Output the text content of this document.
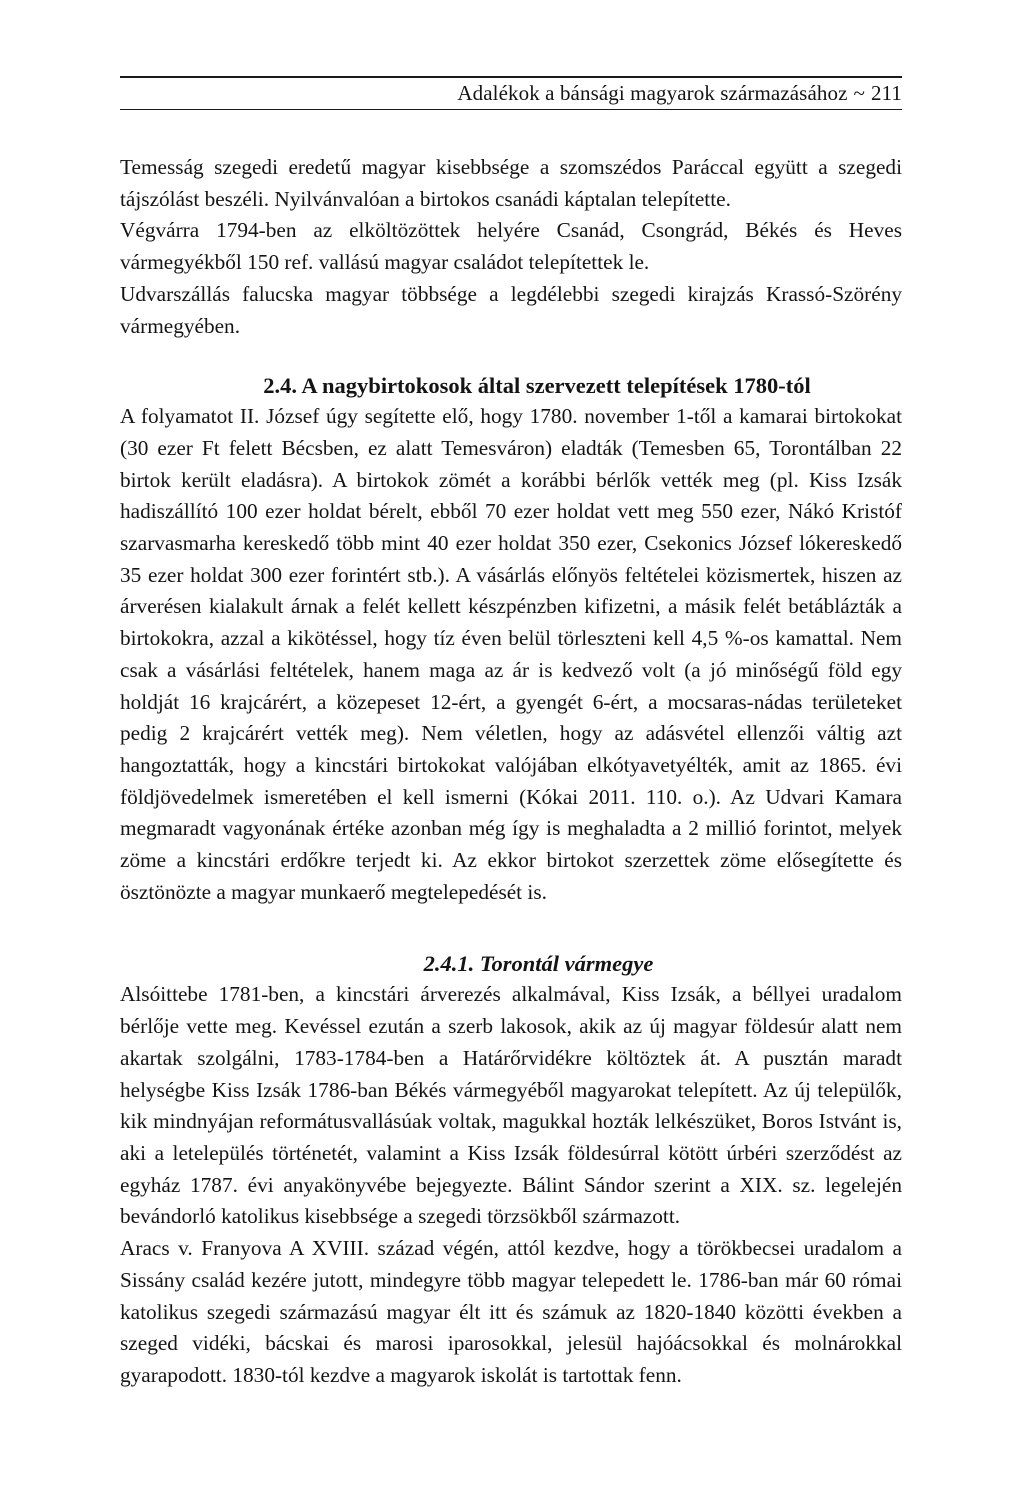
Adalékok a bánsági magyarok származásához ~ 211

Temesság szegedi eredetű magyar kisebbsége a szomszédos Paráccal együtt a szegedi tájszólást beszéli. Nyilvánvalóan a birtokos csanádi káptalan telepítette.

Végvárra 1794-ben az elköltözöttek helyére Csanád, Csongrád, Békés és Heves vármegyékből 150 ref. vallású magyar családot telepítettek le.

Udvarszállás falucska magyar többsége a legdélebbi szegedi kirajzás Krassó-Szörény vármegyében.

2.4. A nagybirtokosok által szervezett telepítések 1780-tól

A folyamatot II. József úgy segítette elő, hogy 1780. november 1-től a kamarai birtokokat (30 ezer Ft felett Bécsben, ez alatt Temesváron) eladták (Temesben 65, Torontálban 22 birtok került eladásra). A birtokok zömét a korábbi bérlők vették meg (pl. Kiss Izsák hadiszállító 100 ezer holdat bérelt, ebből 70 ezer holdat vett meg 550 ezer, Nákó Kristóf szarvasmarha kereskedő több mint 40 ezer holdat 350 ezer, Csekonics József lókereskedő 35 ezer holdat 300 ezer forintért stb.). A vásárlás előnyös feltételei közismertek, hiszen az árverésen kialakult árnak a felét kellett készpénzben kifizetni, a másik felét betáblázták a birtokokra, azzal a kikötéssel, hogy tíz éven belül törleszteni kell 4,5 %-os kamattal. Nem csak a vásárlási feltételek, hanem maga az ár is kedvező volt (a jó minőségű föld egy holdját 16 krajcárért, a közepeset 12-ért, a gyengét 6-ért, a mocsaras-nádas területeket pedig 2 krajcárért vették meg). Nem véletlen, hogy az adásvétel ellenzői váltig azt hangoztatták, hogy a kincstári birtokokat valójában elkótyavetyélték, amit az 1865. évi földjövedelmek ismeretében el kell ismerni (Kókai 2011. 110. o.). Az Udvari Kamara megmaradt vagyonának értéke azonban még így is meghaladta a 2 millió forintot, melyek zöme a kincstári erdőkre terjedt ki. Az ekkor birtokot szerzettek zöme elősegítette és ösztönözte a magyar munkaerő megtelepedését is.

2.4.1. Torontál vármegye

Alsóittebe 1781-ben, a kincstári árverezés alkalmával, Kiss Izsák, a béllyei uradalom bérlője vette meg. Kevéssel ezután a szerb lakosok, akik az új magyar földesúr alatt nem akartak szolgálni, 1783-1784-ben a Határőrvidékre költöztek át. A pusztán maradt helységbe Kiss Izsák 1786-ban Békés vármegyéből magyarokat telepített. Az új települők, kik mindnyájan reformátusvallásúak voltak, magukkal hozták lelkészüket, Boros Istvánt is, aki a letelepülés történetét, valamint a Kiss Izsák földesúrral kötött úrbéri szerződést az egyház 1787. évi anyakönyvébe bejegyezte. Bálint Sándor szerint a XIX. sz. legelején bevándorló katolikus kisebbsége a szegedi törzsökből származott.

Aracs v. Franyova A XVIII. század végén, attól kezdve, hogy a törökbecsei uradalom a Sissány család kezére jutott, mindegyre több magyar telepedett le. 1786-ban már 60 római katolikus szegedi származású magyar élt itt és számuk az 1820-1840 közötti években a szeged vidéki, bácskai és marosi iparosokkal, jelesül hajóácsokkal és molnárokkal gyarapodott. 1830-tól kezdve a magyarok iskolát is tartottak fenn.
